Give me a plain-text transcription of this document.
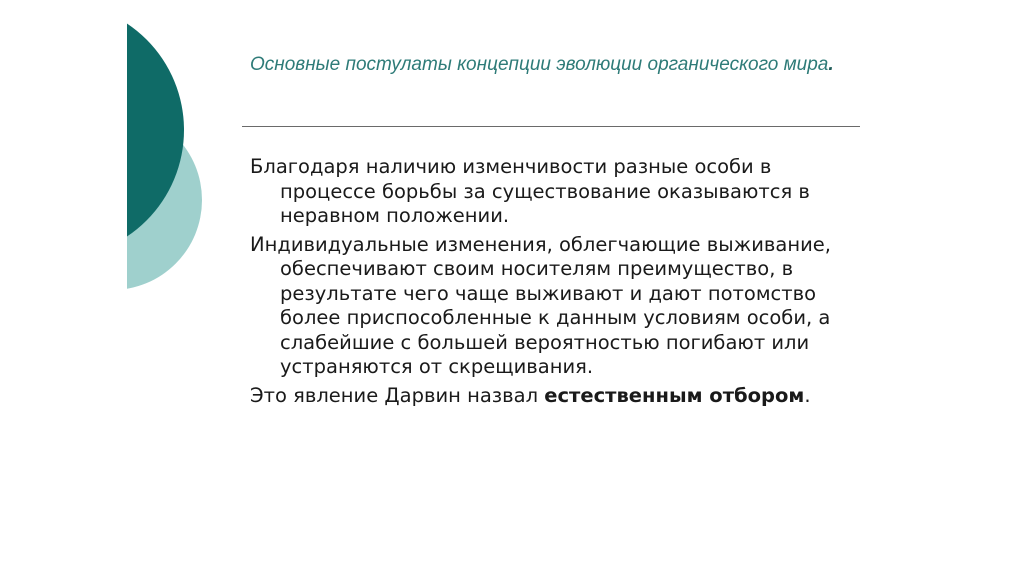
Основные постулаты концепции эволюции органического мира.

Благодаря наличию изменчивости разные особи в процессе борьбы за существование оказываются в неравном положении.

Индивидуальные изменения, облегчающие выживание, обеспечивают своим носителям преимущество, в результате чего чаще выживают и дают потомство более приспособленные к данным условиям особи, а слабейшие с большей вероятностью погибают или устраняются от скрещивания.

Это явление Дарвин назвал естественным отбором.
